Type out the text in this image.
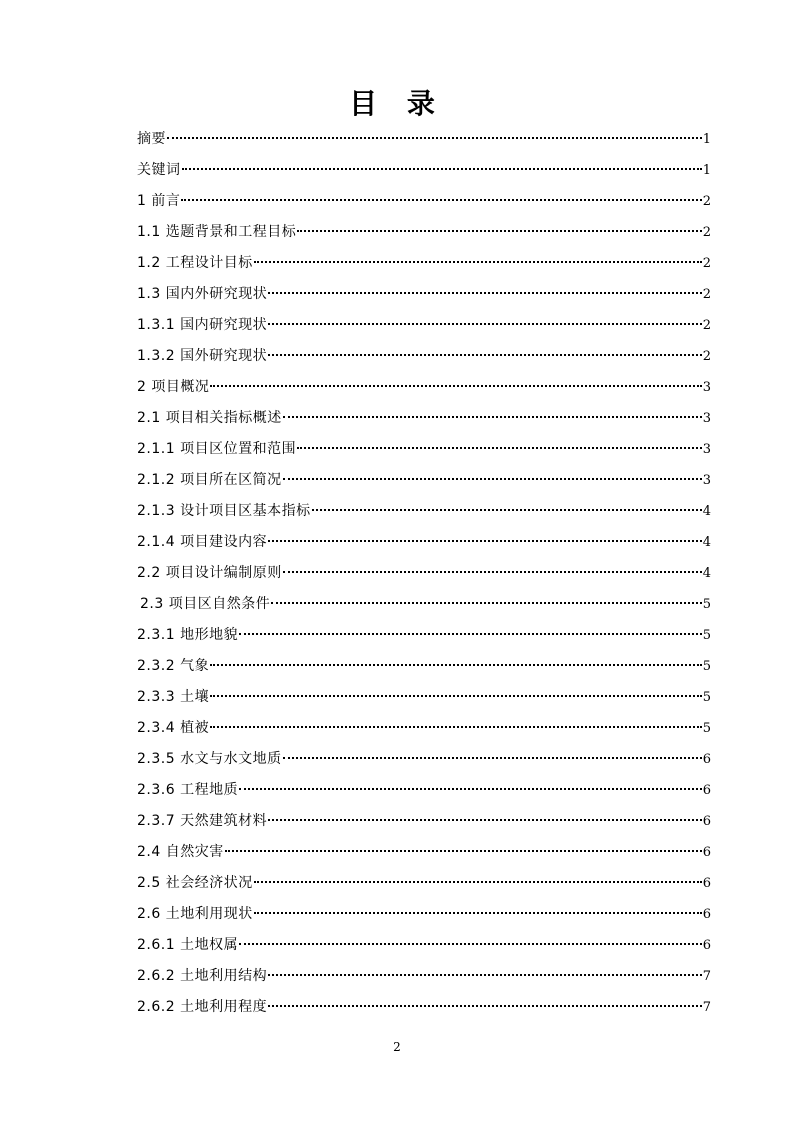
目 录
摘要	1
关键词	1
1 前言	2
1.1 选题背景和工程目标	2
1.2 工程设计目标	2
1.3 国内外研究现状	2
1.3.1 国内研究现状	2
1.3.2 国外研究现状	2
2 项目概况	3
2.1 项目相关指标概述	3
2.1.1 项目区位置和范围	3
2.1.2 项目所在区简况	3
2.1.3 设计项目区基本指标	4
2.1.4 项目建设内容	4
2.2 项目设计编制原则	4
2.3 项目区自然条件	5
2.3.1 地形地貌	5
2.3.2 气象	5
2.3.3 土壤	5
2.3.4 植被	5
2.3.5 水文与水文地质	6
2.3.6 工程地质	6
2.3.7 天然建筑材料	6
2.4 自然灾害	6
2.5 社会经济状况	6
2.6 土地利用现状	6
2.6.1 土地权属	6
2.6.2 土地利用结构	7
2.6.2 土地利用程度	7
2
